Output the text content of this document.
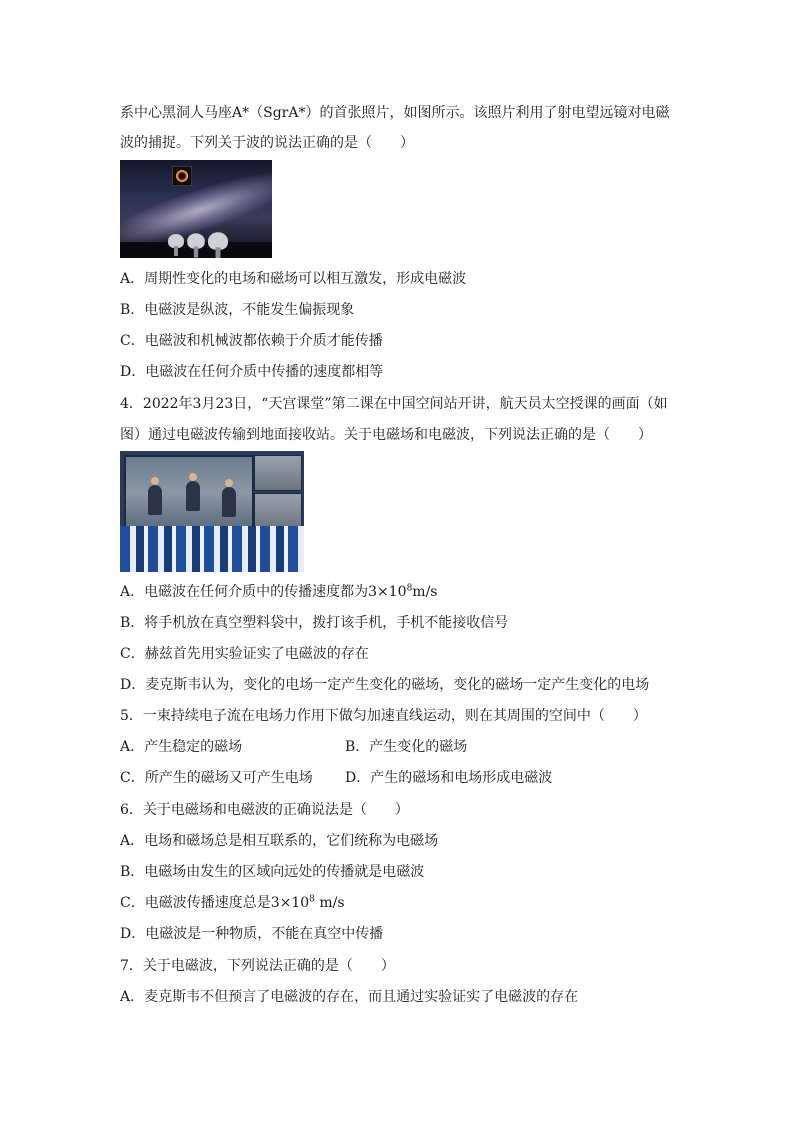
系中心黑洞人马座A*（SgrA*）的首张照片，如图所示。该照片利用了射电望远镜对电磁
波的捕捉。下列关于波的说法正确的是（　　）
A．周期性变化的电场和磁场可以相互激发，形成电磁波
B．电磁波是纵波，不能发生偏振现象
C．电磁波和机械波都依赖于介质才能传播
D．电磁波在任何介质中传播的速度都相等
4．2022年3月23日，“天宫课堂”第二课在中国空间站开讲，航天员太空授课的画面（如
图）通过电磁波传输到地面接收站。关于电磁场和电磁波，下列说法正确的是（　　）
A．电磁波在任何介质中的传播速度都为$3\times 10^8m/s$
B．将手机放在真空塑料袋中，拨打该手机，手机不能接收信号
C．赫兹首先用实验证实了电磁波的存在
D．麦克斯韦认为，变化的电场一定产生变化的磁场，变化的磁场一定产生变化的电场
5．一束持续电子流在电场力作用下做匀加速直线运动，则在其周围的空间中（　　）
A．产生稳定的磁场	B．产生变化的磁场
C．所产生的磁场又可产生电场 D．产生的磁场和电场形成电磁波
6．关于电磁场和电磁波的正确说法是（　　）
A．电场和磁场总是相互联系的，它们统称为电磁场
B．电磁场由发生的区域向远处的传播就是电磁波
C．电磁波传播速度总是$3\times 10^8$ m/s
D．电磁波是一种物质，不能在真空中传播
7．关于电磁波，下列说法正确的是（　　）
A．麦克斯韦不但预言了电磁波的存在，而且通过实验证实了电磁波的存在
